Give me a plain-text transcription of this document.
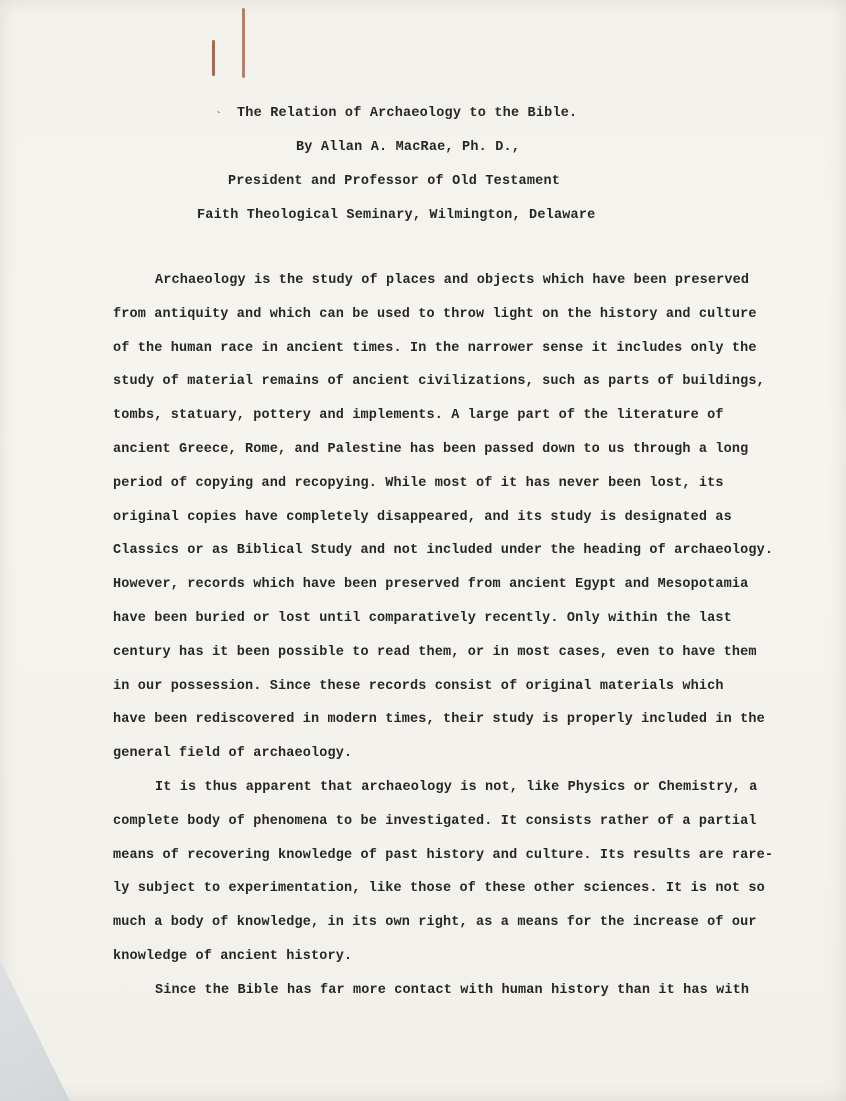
` The Relation of Archaeology to the Bible.
By Allan A. MacRae, Ph. D.,
President and Professor of Old Testament
Faith Theological Seminary, Wilmington, Delaware
Archaeology is the study of places and objects which have been preserved
from antiquity and which can be used to throw light on the history and culture
of the human race in ancient times. In the narrower sense it includes only the
study of material remains of ancient civilizations, such as parts of buildings,
tombs, statuary, pottery and implements. A large part of the literature of
ancient Greece, Rome, and Palestine has been passed down to us through a long
period of copying and recopying. While most of it has never been lost, its
original copies have completely disappeared, and its study is designated as
Classics or as Biblical Study and not included under the heading of archaeology.
However, records which have been preserved from ancient Egypt and Mesopotamia
have been buried or lost until comparatively recently. Only within the last
century has it been possible to read them, or in most cases, even to have them
in our possession. Since these records consist of original materials which
have been rediscovered in modern times, their study is properly included in the
general field of archaeology.
It is thus apparent that archaeology is not, like Physics or Chemistry, a
complete body of phenomena to be investigated. It consists rather of a partial
means of recovering knowledge of past history and culture. Its results are rare-
ly subject to experimentation, like those of these other sciences. It is not so
much a body of knowledge, in its own right, as a means for the increase of our
knowledge of ancient history.
Since the Bible has far more contact with human history than it has with
